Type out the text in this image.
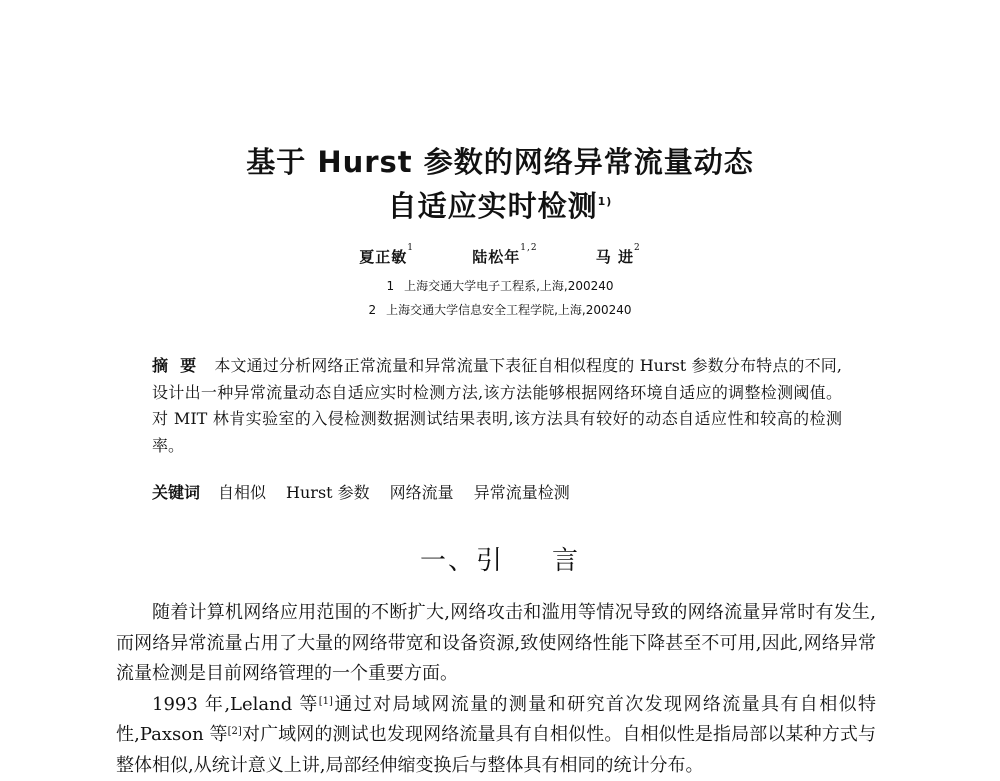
基于 Hurst 参数的网络异常流量动态
自适应实时检测$^{1)}$
夏正敏$^1$	陆松年$^{1,2}$	马 进$^2$
1 上海交通大学电子工程系,上海,200240
2 上海交通大学信息安全工程学院,上海,200240
摘要 本文通过分析网络正常流量和异常流量下表征自相似程度的 Hurst 参数分布特点的不同,设计出一种异常流量动态自适应实时检测方法,该方法能够根据网络环境自适应的调整检测阈值。对 MIT 林肯实验室的入侵检测数据测试结果表明,该方法具有较好的动态自适应性和较高的检测率。
关键词 自相似 Hurst 参数 网络流量 异常流量检测
一、引 言

随着计算机网络应用范围的不断扩大,网络攻击和滥用等情况导致的网络流量异常时有发生,而网络异常流量占用了大量的网络带宽和设备资源,致使网络性能下降甚至不可用,因此,网络异常流量检测是目前网络管理的一个重要方面。

1993 年,Leland 等[1]通过对局域网流量的测量和研究首次发现网络流量具有自相似特性,Paxson 等[2]对广域网的测试也发现网络流量具有自相似性。自相似性是指局部以某种方式与整体相似,从统计意义上讲,局部经伸缩变换后与整体具有相同的统计分布。
